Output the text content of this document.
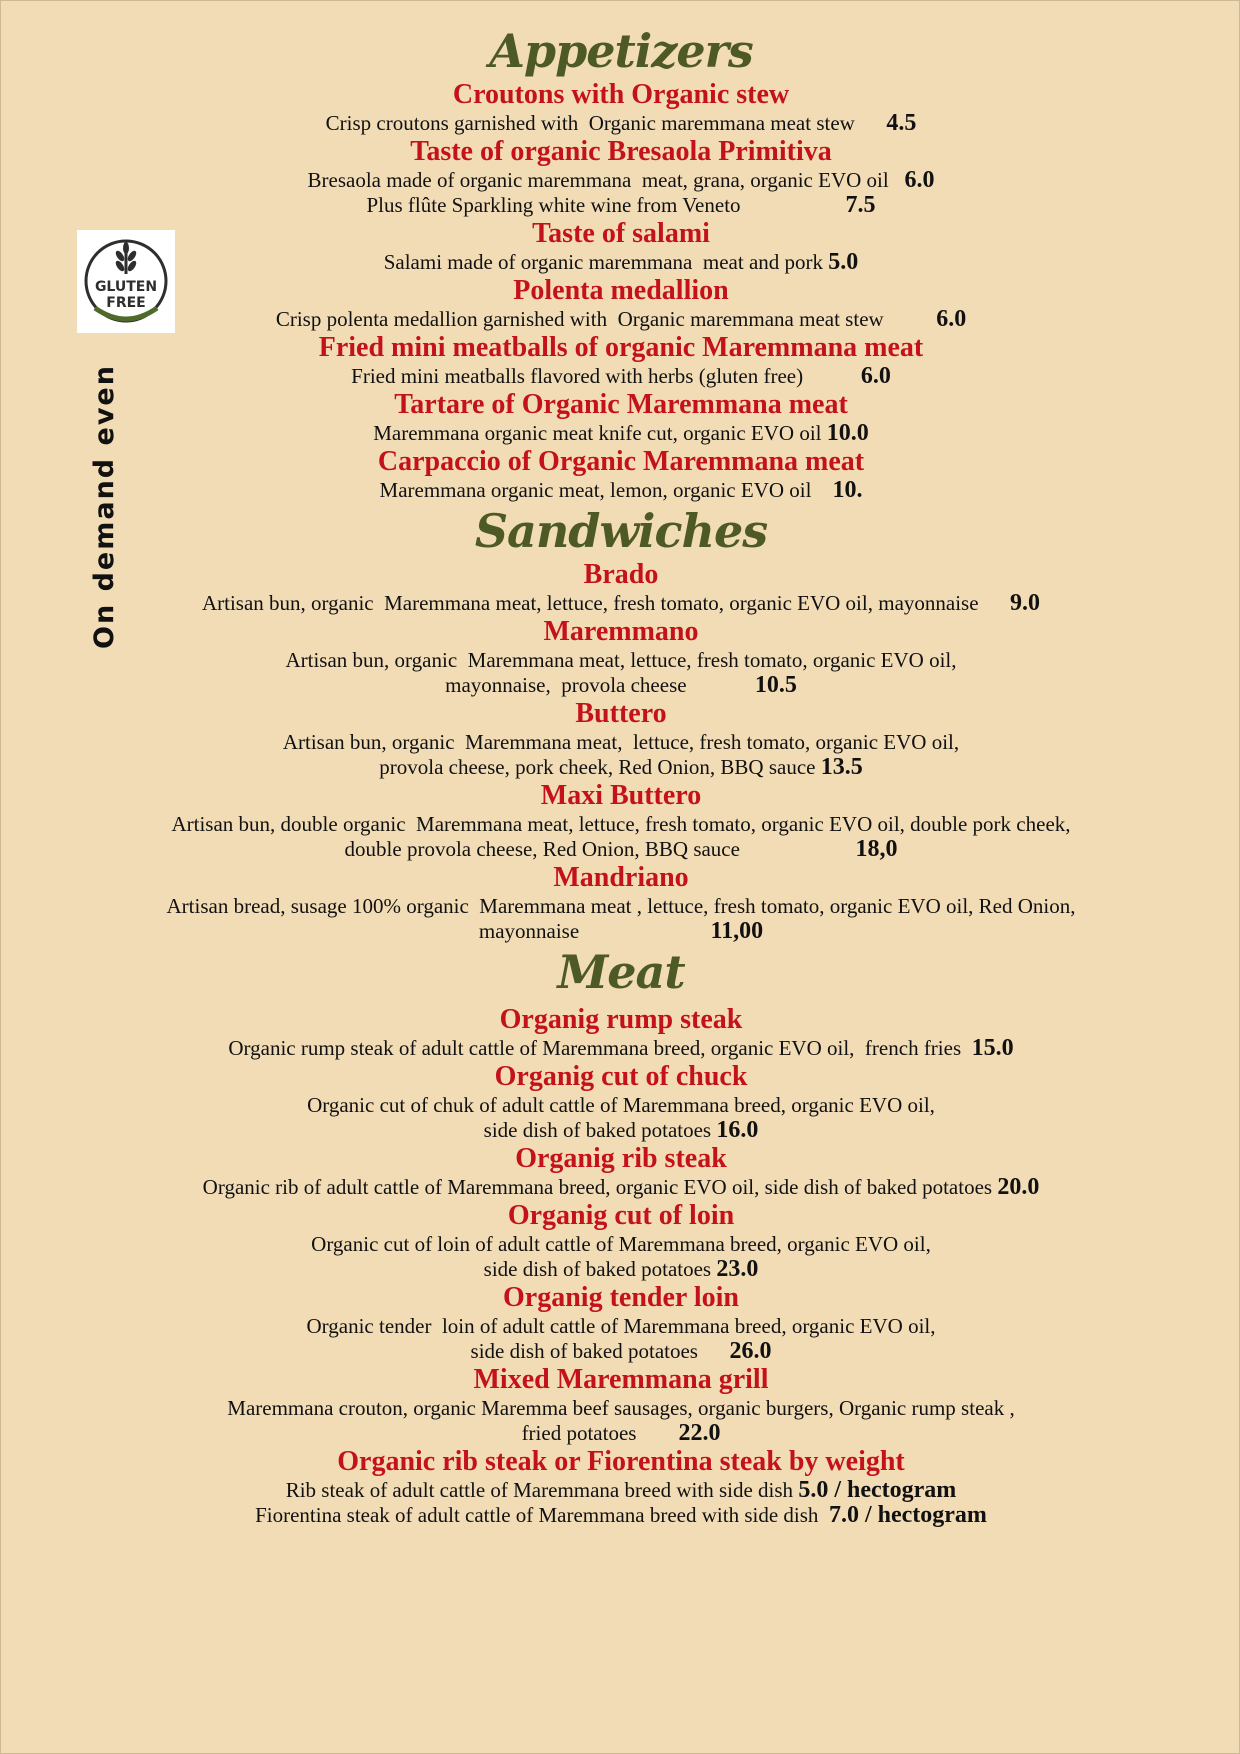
GLUTEN
FREE
On demand even
Appetizers
Croutons with Organic stew
Crisp croutons garnished with  Organic maremmana meat stew      4.5
Taste of organic Bresaola Primitiva
Bresaola made of organic maremmana  meat, grana, organic EVO oil   6.0
Plus flûte Sparkling white wine from Veneto                    7.5
Taste of salami
Salami made of organic maremmana  meat and pork 5.0
Polenta medallion
Crisp polenta medallion garnished with  Organic maremmana meat stew          6.0
Fried mini meatballs of organic Maremmana meat
Fried mini meatballs flavored with herbs (gluten free)           6.0
Tartare of Organic Maremmana meat
Maremmana organic meat knife cut, organic EVO oil 10.0
Carpaccio of Organic Maremmana meat
Maremmana organic meat, lemon, organic EVO oil    10.
Sandwiches
Brado
Artisan bun, organic  Maremmana meat, lettuce, fresh tomato, organic EVO oil, mayonnaise      9.0
Maremmano
Artisan bun, organic  Maremmana meat, lettuce, fresh tomato, organic EVO oil,
mayonnaise,  provola cheese             10.5
Buttero
Artisan bun, organic  Maremmana meat,  lettuce, fresh tomato, organic EVO oil,
provola cheese, pork cheek, Red Onion, BBQ sauce 13.5
Maxi Buttero
Artisan bun, double organic  Maremmana meat, lettuce, fresh tomato, organic EVO oil, double pork cheek,
double provola cheese, Red Onion, BBQ sauce                      18,0
Mandriano
Artisan bread, susage 100% organic  Maremmana meat , lettuce, fresh tomato, organic EVO oil, Red Onion,
mayonnaise                         11,00
Meat
Organig rump steak
Organic rump steak of adult cattle of Maremmana breed, organic EVO oil,  french fries  15.0
Organig cut of chuck
Organic cut of chuk of adult cattle of Maremmana breed, organic EVO oil,
side dish of baked potatoes 16.0
Organig rib steak
Organic rib of adult cattle of Maremmana breed, organic EVO oil, side dish of baked potatoes 20.0
Organig cut of loin
Organic cut of loin of adult cattle of Maremmana breed, organic EVO oil,
side dish of baked potatoes 23.0
Organig tender loin
Organic tender  loin of adult cattle of Maremmana breed, organic EVO oil,
side dish of baked potatoes      26.0
Mixed Maremmana grill
Maremmana crouton, organic Maremma beef sausages, organic burgers, Organic rump steak ,
fried potatoes        22.0
Organic rib steak or Fiorentina steak by weight
Rib steak of adult cattle of Maremmana breed with side dish 5.0 / hectogram
Fiorentina steak of adult cattle of Maremmana breed with side dish  7.0 / hectogram
